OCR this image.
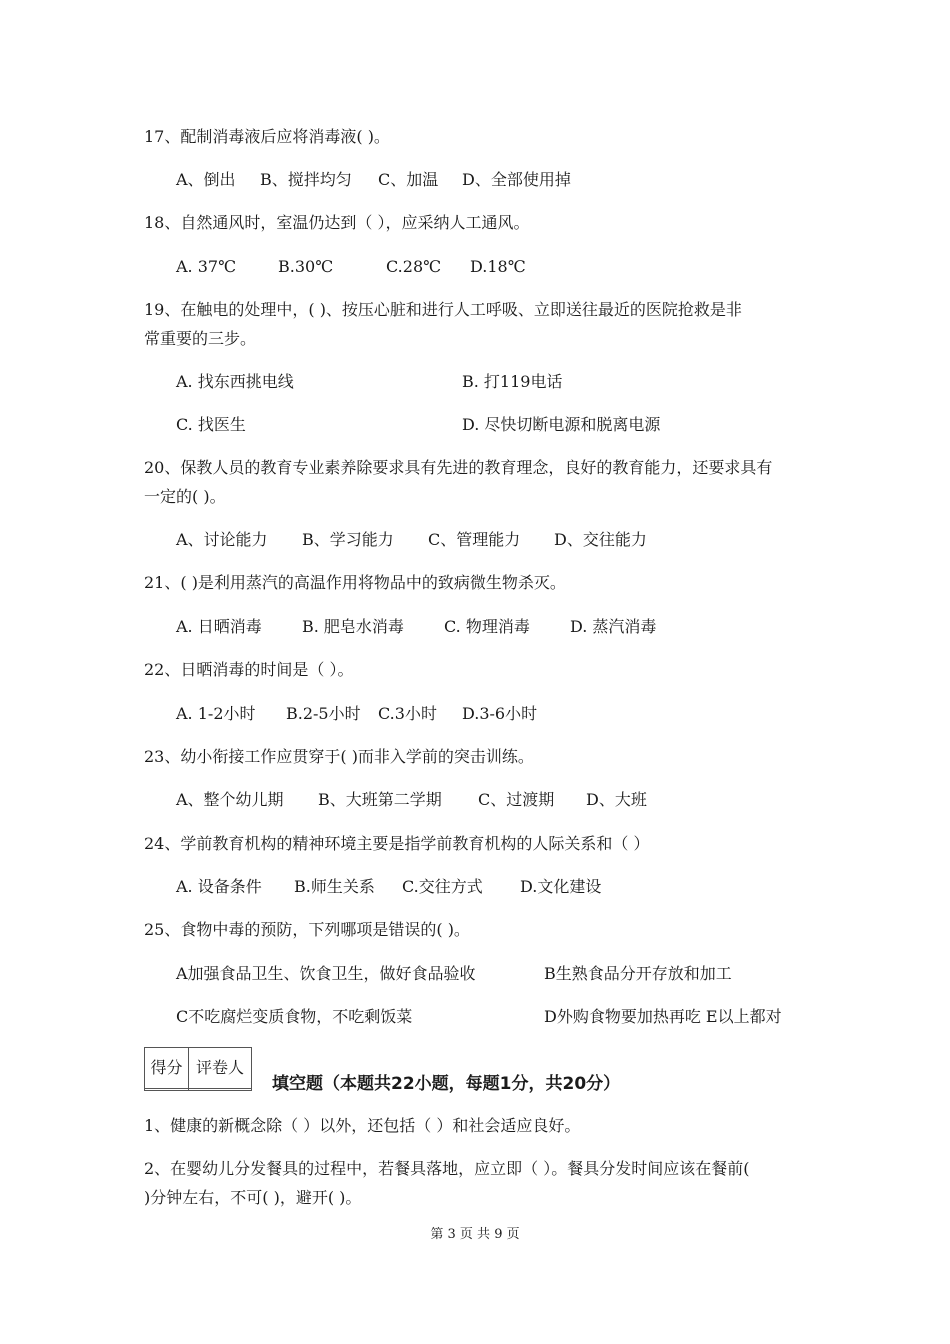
17、配制消毒液后应将消毒液( )。
A、倒出 B、搅拌均匀 C、加温 D、全部使用掉
18、自然通风时，室温仍达到（ ），应采纳人工通风。
A. 37℃	B.30℃	C.28℃ D.18℃
19、在触电的处理中，( )、按压心脏和进行人工呼吸、立即送往最近的医院抢救是非
常重要的三步。
A. 找东西挑电线	B. 打119电话
C. 找医生	D. 尽快切断电源和脱离电源
20、保教人员的教育专业素养除要求具有先进的教育理念，良好的教育能力，还要求具有
一定的( )。
A、讨论能力 B、学习能力 C、管理能力 D、交往能力
21、( )是利用蒸汽的高温作用将物品中的致病微生物杀灭。
A. 日晒消毒	B. 肥皂水消毒	C. 物理消毒	D. 蒸汽消毒
22、日晒消毒的时间是（ ）。
A. 1-2小时 B.2-5小时 C.3小时 D.3-6小时
23、幼小衔接工作应贯穿于( )而非入学前的突击训练。
A、整个幼儿期 B、大班第二学期 C、过渡期 D、大班
24、学前教育机构的精神环境主要是指学前教育机构的人际关系和（ ）
A. 设备条件 B.师生关系 C.交往方式 D.文化建设
25、食物中毒的预防，下列哪项是错误的( )。
A加强食品卫生、饮食卫生，做好食品验收	B生熟食品分开存放和加工
C不吃腐烂变质食物，不吃剩饭菜	D外购食物要加热再吃 E以上都对
得分	评卷人

填空题（本题共22小题，每题1分，共20分）
1、健康的新概念除（ ）以外，还包括（ ）和社会适应良好。
2、在婴幼儿分发餐具的过程中，若餐具落地，应立即（ ）。餐具分发时间应该在餐前(
)分钟左右，不可( )，避开( )。
第 3 页 共 9 页
